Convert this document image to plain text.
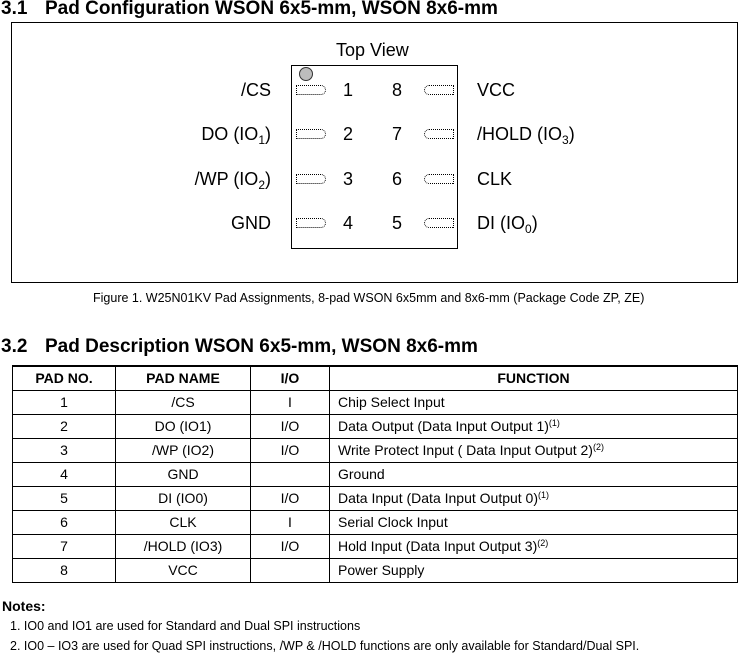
3.1 Pad Configuration WSON 6x5-mm, WSON 8x6-mm
Top View
1
2
3
4
/CS
DO $(IO_1)$
/WP $(IO_2)$
GND
8
7
6
5
VCC
/HOLD $(IO_3)$
CLK
DI $(IO_0)$
Figure 1. W25N01KV Pad Assignments, 8-pad WSON 6x5mm and 8x6-mm (Package Code ZP, ZE)
3.2 Pad Description WSON 6x5-mm, WSON 8x6-mm
PAD NO.	PAD NAME	I/O	FUNCTION
1	/CS	I	Chip Select Input
2	DO (IO1)	I/O	Data Output (Data Input Output 1)$^{(1)}$
3	/WP (IO2)	I/O	Write Protect Input ( Data Input Output 2)$^{(2)}$
4	GND		Ground
5	DI (IO0)	I/O	Data Input (Data Input Output 0)$^{(1)}$
6	CLK	I	Serial Clock Input
7	/HOLD (IO3)	I/O	Hold Input (Data Input Output 3)$^{(2)}$
8	VCC		Power Supply
Notes:
1. IO0 and IO1 are used for Standard and Dual SPI instructions
2. IO0 – IO3 are used for Quad SPI instructions, /WP & /HOLD functions are only available for Standard/Dual SPI.
